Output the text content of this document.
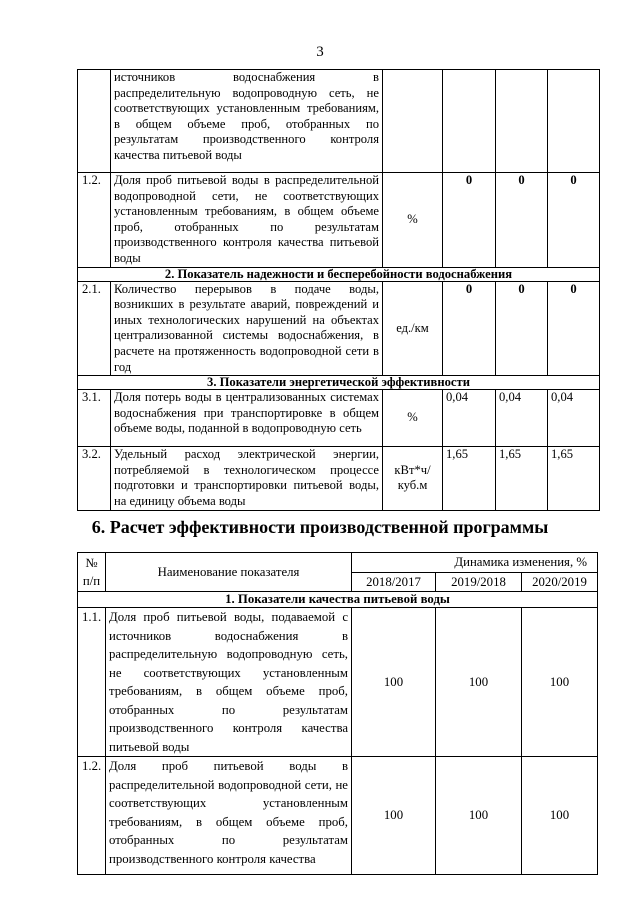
3
	источников водоснабжения в распределительную водопроводную сеть, не соответствующих установленным требованиям, в общем объеме проб, отобранных по результатам производственного контроля качества питьевой воды				
1.2.	Доля проб питьевой воды в распределительной водопроводной сети, не соответствующих установленным требованиям, в общем объеме проб, отобранных по результатам производственного контроля качества питьевой воды	%	0	0	0
2. Показатель надежности и бесперебойности водоснабжения					
2.1.	Количество перерывов в подаче воды, возникших в результате аварий, повреждений и иных технологических нарушений на объектах централизованной системы водоснабжения, в расчете на протяженность водопроводной сети в год	ед./км	0	0	0
3. Показатели энергетической эффективности					
3.1.	Доля потерь воды в централизованных системах водоснабжения при транспортировке в общем объеме воды, поданной в водопроводную сеть	%	0,04	0,04	0,04
3.2.	Удельный расход электрической энергии, потребляемой в технологическом процессе подготовки и транспортировки питьевой воды, на единицу объема воды	кВт*ч/ куб.м	1,65	1,65	1,65
6. Расчет эффективности производственной программы
№ п/п	Наименование показателя	Динамика изменения, %		
		2018/2017	2019/2018	2020/2019
1. Показатели качества питьевой воды				
1.1.	Доля проб питьевой воды, подаваемой с источников водоснабжения в распределительную водопроводную сеть, не соответствующих установленным требованиям, в общем объеме проб, отобранных по результатам производственного контроля качества питьевой воды	100	100	100
1.2.	Доля проб питьевой воды в распределительной водопроводной сети, не соответствующих установленным требованиям, в общем объеме проб, отобранных по результатам производственного контроля качества	100	100	100
